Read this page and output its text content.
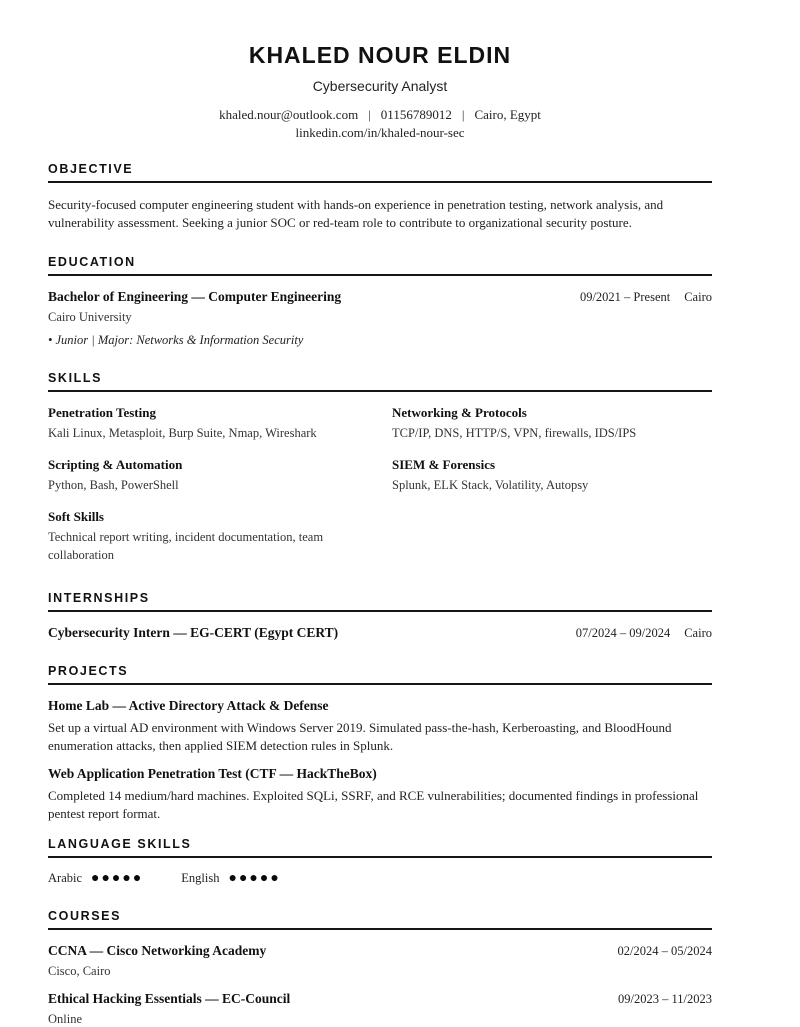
KHALED NOUR ELDIN
Cybersecurity Analyst
khaled.nour@outlook.com | 01156789012 | Cairo, Egypt
linkedin.com/in/khaled-nour-sec
OBJECTIVE
Security-focused computer engineering student with hands-on experience in penetration testing, network analysis, and vulnerability assessment. Seeking a junior SOC or red-team role to contribute to organizational security posture.
EDUCATION
Bachelor of Engineering — Computer Engineering	09/2021 – Present Cairo
Cairo University
• Junior | Major: Networks & Information Security
SKILLS
Penetration Testing
Kali Linux, Metasploit, Burp Suite, Nmap, Wireshark
Scripting & Automation
Python, Bash, PowerShell
Soft Skills
Technical report writing, incident documentation, team collaboration
Networking & Protocols
TCP/IP, DNS, HTTP/S, VPN, firewalls, IDS/IPS
SIEM & Forensics
Splunk, ELK Stack, Volatility, Autopsy
INTERNSHIPS
Cybersecurity Intern — EG-CERT (Egypt CERT)	07/2024 – 09/2024 Cairo
PROJECTS
Home Lab — Active Directory Attack & Defense
Set up a virtual AD environment with Windows Server 2019. Simulated pass-the-hash, Kerberoasting, and BloodHound enumeration attacks, then applied SIEM detection rules in Splunk.
Web Application Penetration Test (CTF — HackTheBox)
Completed 14 medium/hard machines. Exploited SQLi, SSRF, and RCE vulnerabilities; documented findings in professional pentest report format.
LANGUAGE SKILLS
Arabic ●●●●●	English ●●●●●
COURSES
CCNA — Cisco Networking Academy	02/2024 – 05/2024
Cisco, Cairo
Ethical Hacking Essentials — EC-Council	09/2023 – 11/2023
Online
